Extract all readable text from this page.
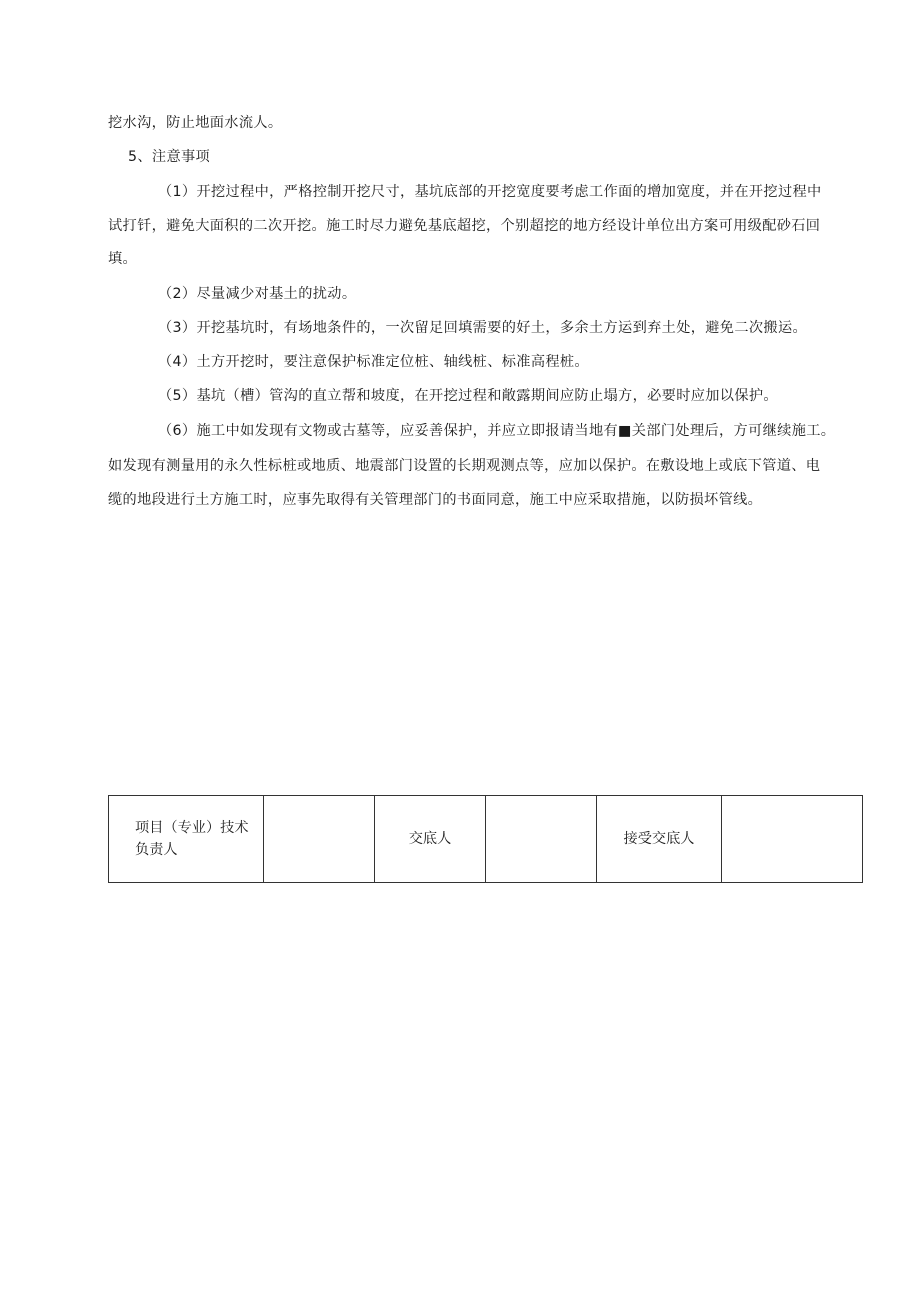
挖水沟，防止地面水流人。
5、注意事项
（1）开挖过程中，严格控制开挖尺寸，基坑底部的开挖宽度要考虑工作面的增加宽度，并在开挖过程中
试打钎，避免大面积的二次开挖。施工时尽力避免基底超挖，个别超挖的地方经设计单位出方案可用级配砂石回
填。
（2）尽量减少对基土的扰动。
（3）开挖基坑时，有场地条件的，一次留足回填需要的好土，多余土方运到弃土处，避免二次搬运。
（4）土方开挖时，要注意保护标准定位桩、轴线桩、标准高程桩。
（5）基坑（槽）管沟的直立帮和坡度，在开挖过程和敞露期间应防止塌方，必要时应加以保护。
（6）施工中如发现有文物或古墓等，应妥善保护，并应立即报请当地有■关部门处理后，方可继续施工。
如发现有测量用的永久性标桩或地质、地震部门设置的长期观测点等，应加以保护。在敷设地上或底下管道、电
缆的地段进行土方施工时，应事先取得有关管理部门的书面同意，施工中应采取措施，以防损坏管线。
项目（专业）技术负责人		交底人		接受交底人	
